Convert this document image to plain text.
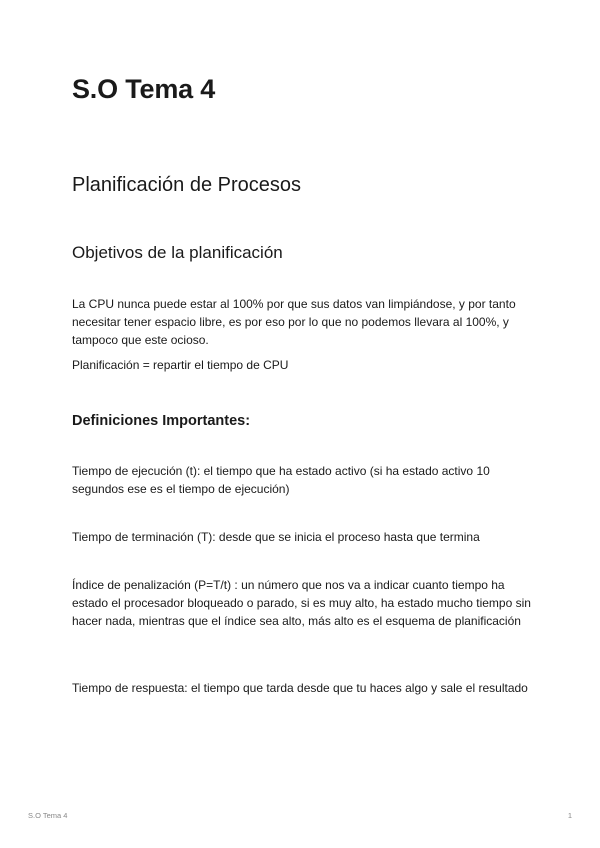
S.O Tema 4
Planificación de Procesos
Objetivos de la planificación

La CPU nunca puede estar al 100% por que sus datos van limpiándose, y por tanto necesitar tener espacio libre, es por eso por lo que no podemos llevara al 100%, y tampoco que este ocioso.

Planificación = repartir el tiempo de CPU

Definiciones Importantes:

Tiempo de ejecución (t): el tiempo que ha estado activo (si ha estado activo 10 segundos ese es el tiempo de ejecución)

Tiempo de terminación (T): desde que se inicia el proceso hasta que termina

Índice de penalización (P=T/t) : un número que nos va a indicar cuanto tiempo ha estado el procesador bloqueado o parado, si es muy alto, ha estado mucho tiempo sin hacer nada, mientras que el índice sea alto, más alto es el esquema de planificación

Tiempo de respuesta: el tiempo que tarda desde que tu haces algo y sale el resultado

S.O Tema 4	1
